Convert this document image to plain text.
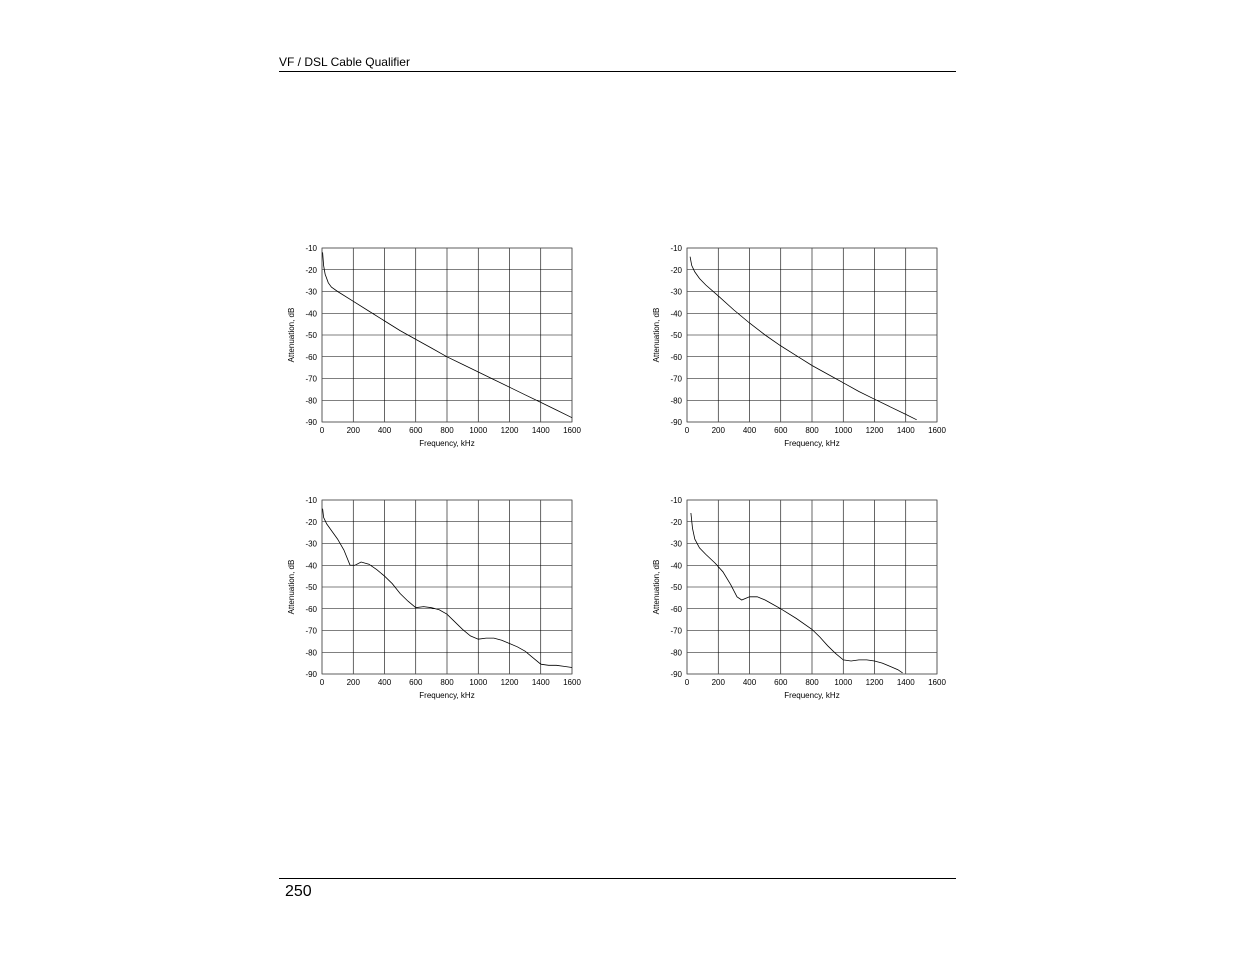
VF / DSL Cable Qualifier
0	200 400 600 800 1000 1200 1400 1600
-10
-20
-30
-40
-50
-60
-70
-80
-90
Frequency, kHz
Attenuation, dB
0	200 400 600 800 1000 1200 1400 1600
-10
-20
-30
-40
-50
-60
-70
-80
-90
Frequency, kHz
Attenuation, dB
0	200 400 600 800 1000 1200 1400 1600
-10
-20
-30
-40
-50
-60
-70
-80
-90
Frequency, kHz
Attenuation, dB
0	200 400 600 800 1000 1200 1400 1600
-10
-20
-30
-40
-50
-60
-70
-80
-90
Frequency, kHz
Attenuation, dB
250
